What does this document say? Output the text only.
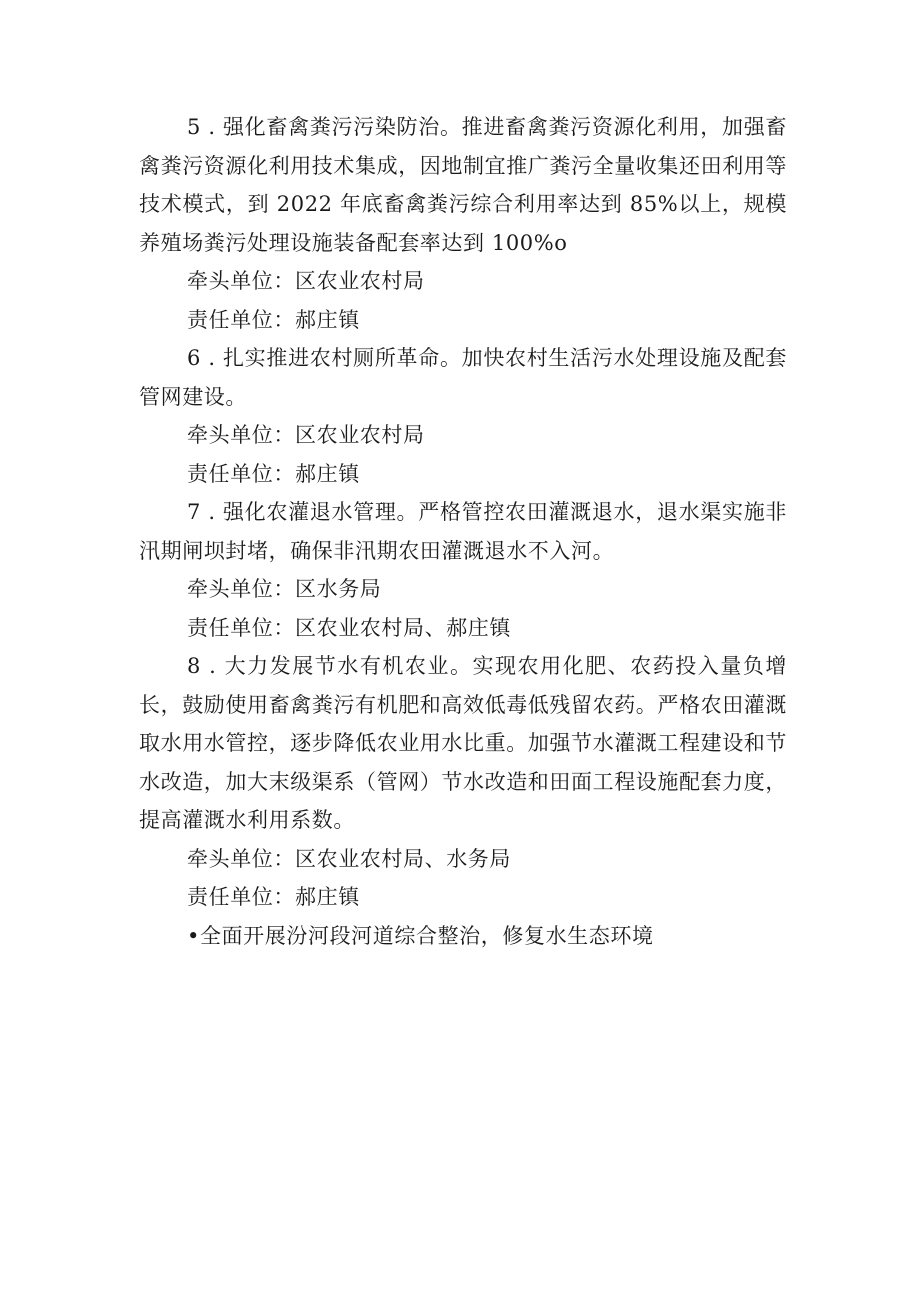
5 . 强化畜禽粪污污染防治。推进畜禽粪污资源化利用，加强畜禽粪污资源化利用技术集成，因地制宜推广粪污全量收集还田利用等技术模式，到 2022 年底畜禽粪污综合利用率达到 85%以上，规模养殖场粪污处理设施装备配套率达到 100%o

牵头单位：区农业农村局

责任单位：郝庄镇

6 . 扎实推进农村厕所革命。加快农村生活污水处理设施及配套管网建设。

牵头单位：区农业农村局

责任单位：郝庄镇

7 . 强化农灌退水管理。严格管控农田灌溉退水，退水渠实施非汛期闸坝封堵，确保非汛期农田灌溉退水不入河。

牵头单位：区水务局

责任单位：区农业农村局、郝庄镇

8 . 大力发展节水有机农业。实现农用化肥、农药投入量负增长，鼓励使用畜禽粪污有机肥和高效低毒低残留农药。严格农田灌溉取水用水管控，逐步降低农业用水比重。加强节水灌溉工程建设和节水改造，加大末级渠系（管网）节水改造和田面工程设施配套力度，提高灌溉水利用系数。

牵头单位：区农业农村局、水务局

责任单位：郝庄镇

•全面开展汾河段河道综合整治，修复水生态环境
